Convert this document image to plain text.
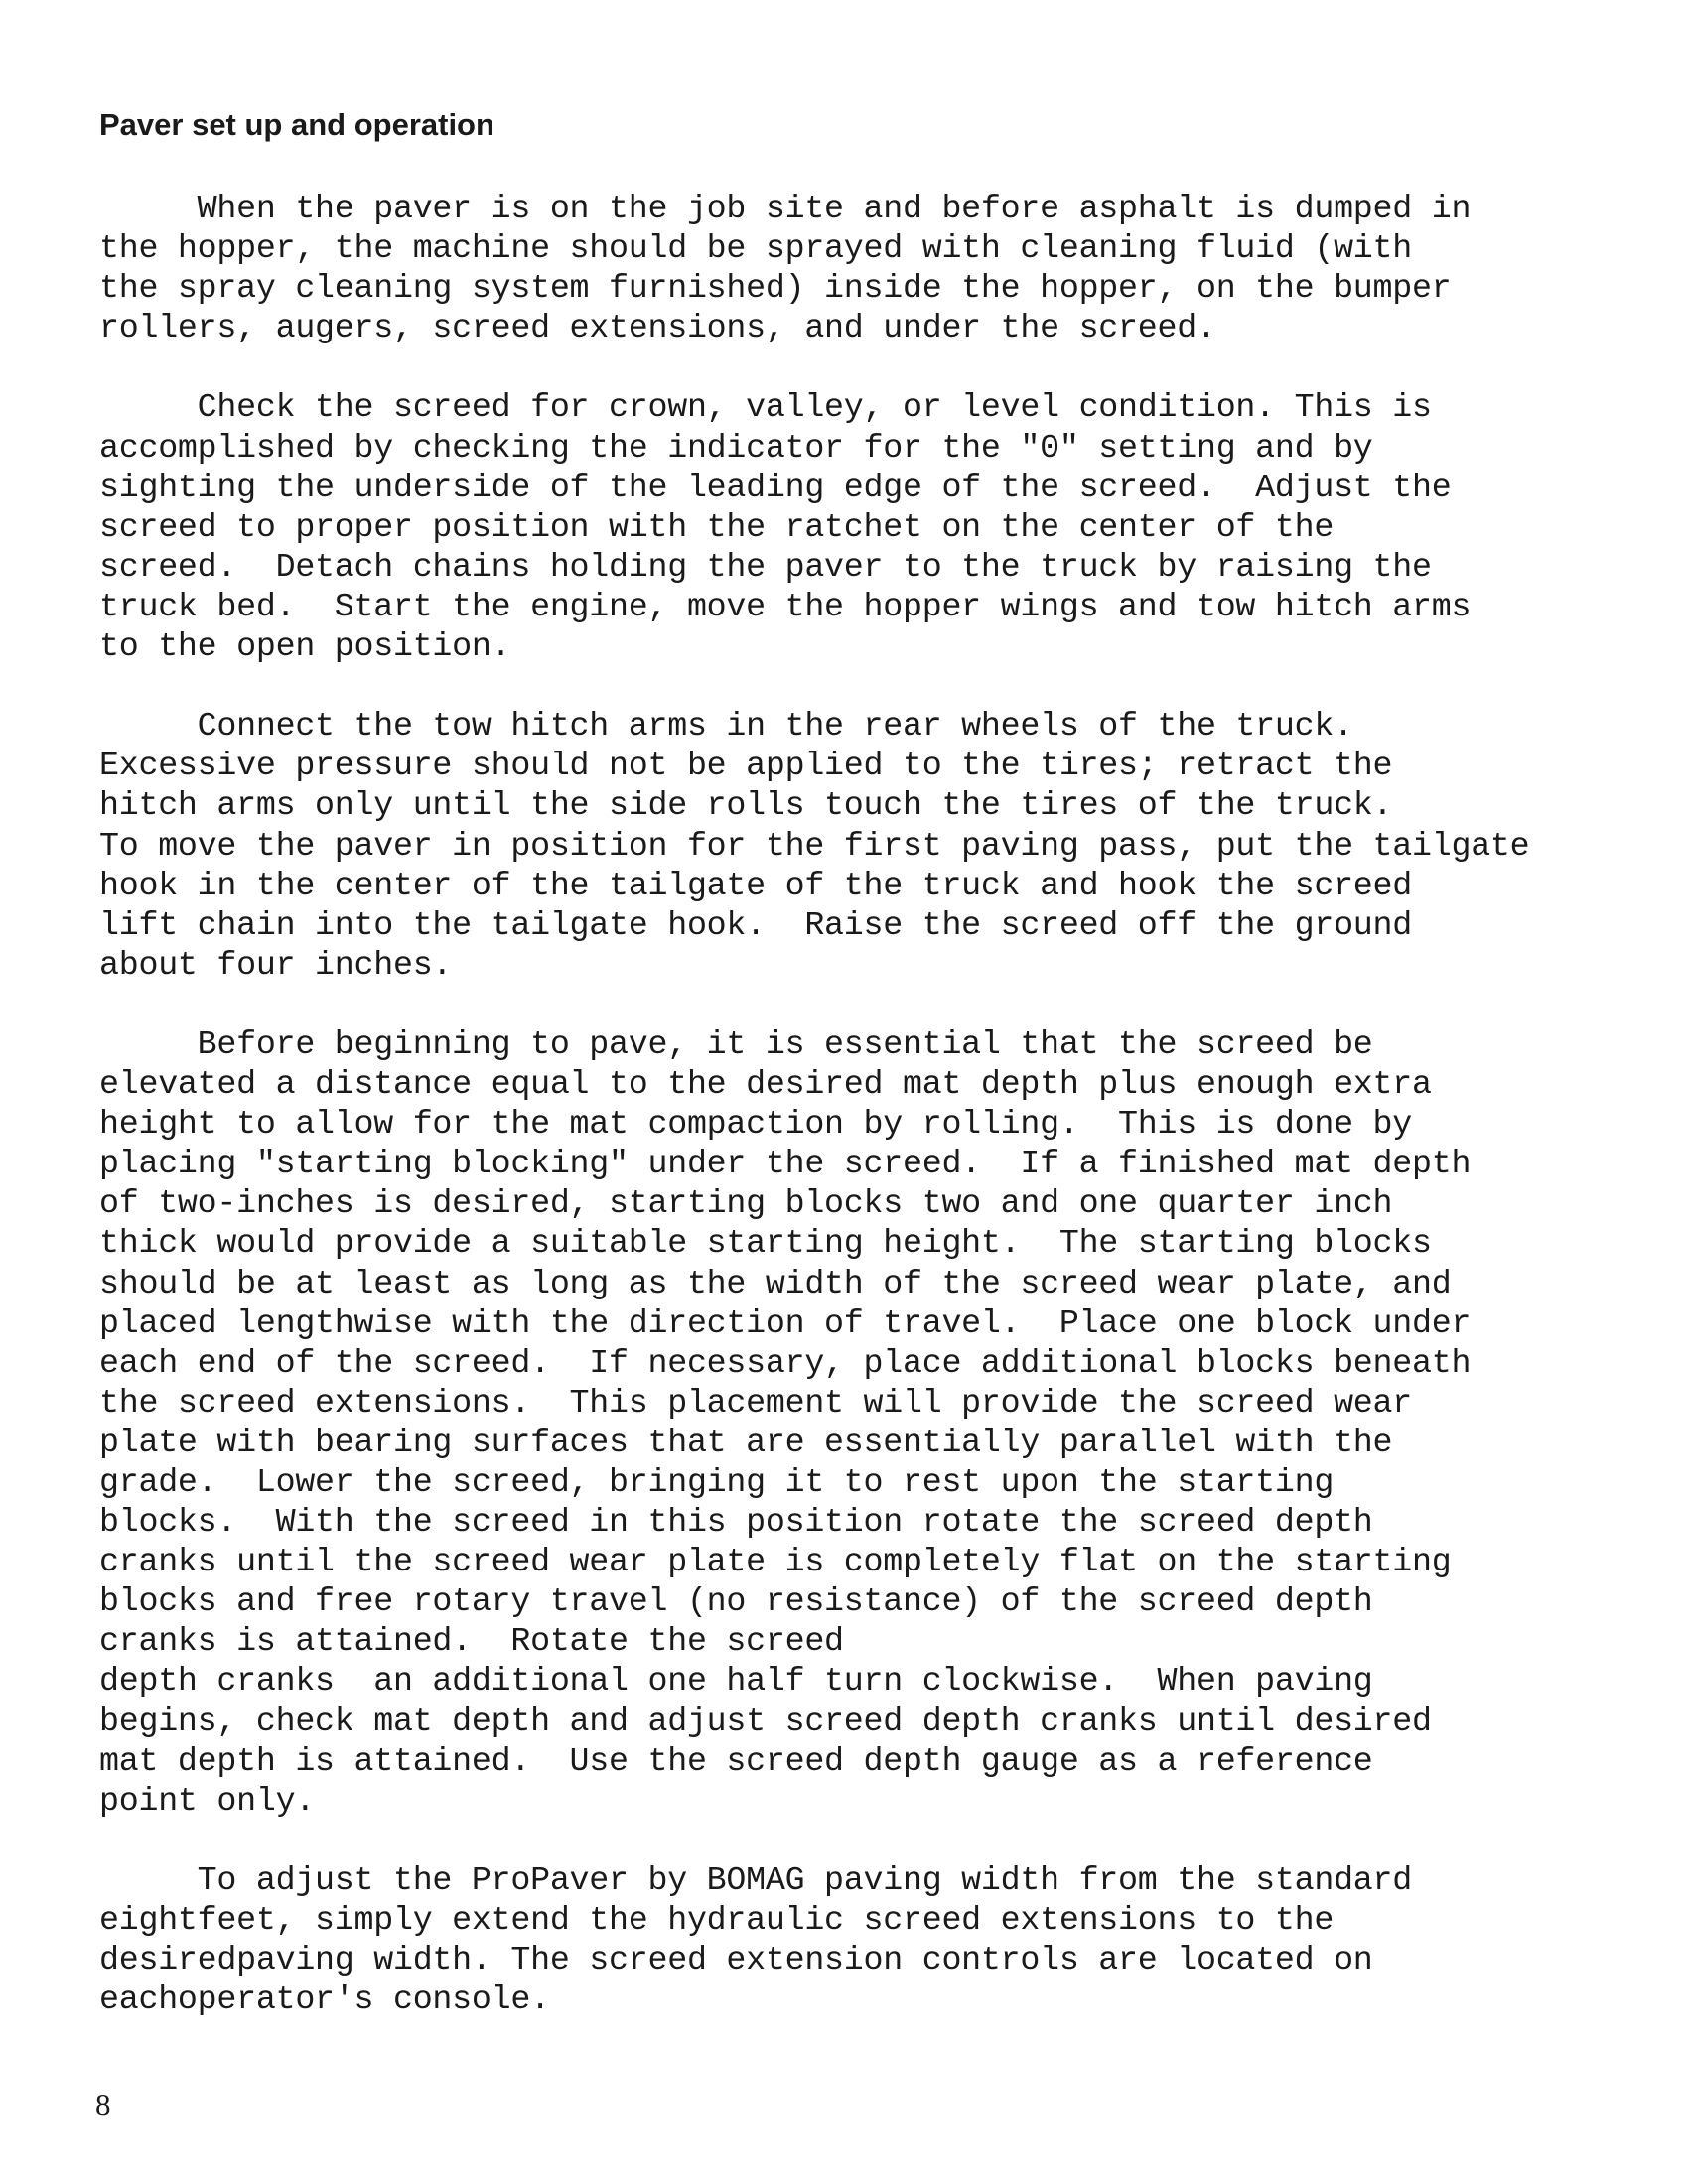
Paver set up and operation

When the paver is on the job site and before asphalt is dumped in
the hopper, the machine should be sprayed with cleaning fluid (with
the spray cleaning system furnished) inside the hopper, on the bumper
rollers, augers, screed extensions, and under the screed.

Check the screed for crown, valley, or level condition. This is
accomplished by checking the indicator for the "0" setting and by
sighting the underside of the leading edge of the screed.  Adjust the
screed to proper position with the ratchet on the center of the
screed.  Detach chains holding the paver to the truck by raising the
truck bed.  Start the engine, move the hopper wings and tow hitch arms
to the open position.

Connect the tow hitch arms in the rear wheels of the truck.
Excessive pressure should not be applied to the tires; retract the
hitch arms only until the side rolls touch the tires of the truck.
To move the paver in position for the first paving pass, put the tailgate
hook in the center of the tailgate of the truck and hook the screed
lift chain into the tailgate hook.  Raise the screed off the ground
about four inches.

Before beginning to pave, it is essential that the screed be
elevated a distance equal to the desired mat depth plus enough extra
height to allow for the mat compaction by rolling.  This is done by
placing "starting blocking" under the screed.  If a finished mat depth
of two-inches is desired, starting blocks two and one quarter inch
thick would provide a suitable starting height.  The starting blocks
should be at least as long as the width of the screed wear plate, and
placed lengthwise with the direction of travel.  Place one block under
each end of the screed.  If necessary, place additional blocks beneath
the screed extensions.  This placement will provide the screed wear
plate with bearing surfaces that are essentially parallel with the
grade.  Lower the screed, bringing it to rest upon the starting
blocks.  With the screed in this position rotate the screed depth
cranks until the screed wear plate is completely flat on the starting
blocks and free rotary travel (no resistance) of the screed depth
cranks is attained.  Rotate the screed
depth cranks  an additional one half turn clockwise.  When paving
begins, check mat depth and adjust screed depth cranks until desired
mat depth is attained.  Use the screed depth gauge as a reference
point only.

To adjust the ProPaver by BOMAG paving width from the standard
eightfeet, simply extend the hydraulic screed extensions to the
desiredpaving width. The screed extension controls are located on
eachoperator's console.

8
